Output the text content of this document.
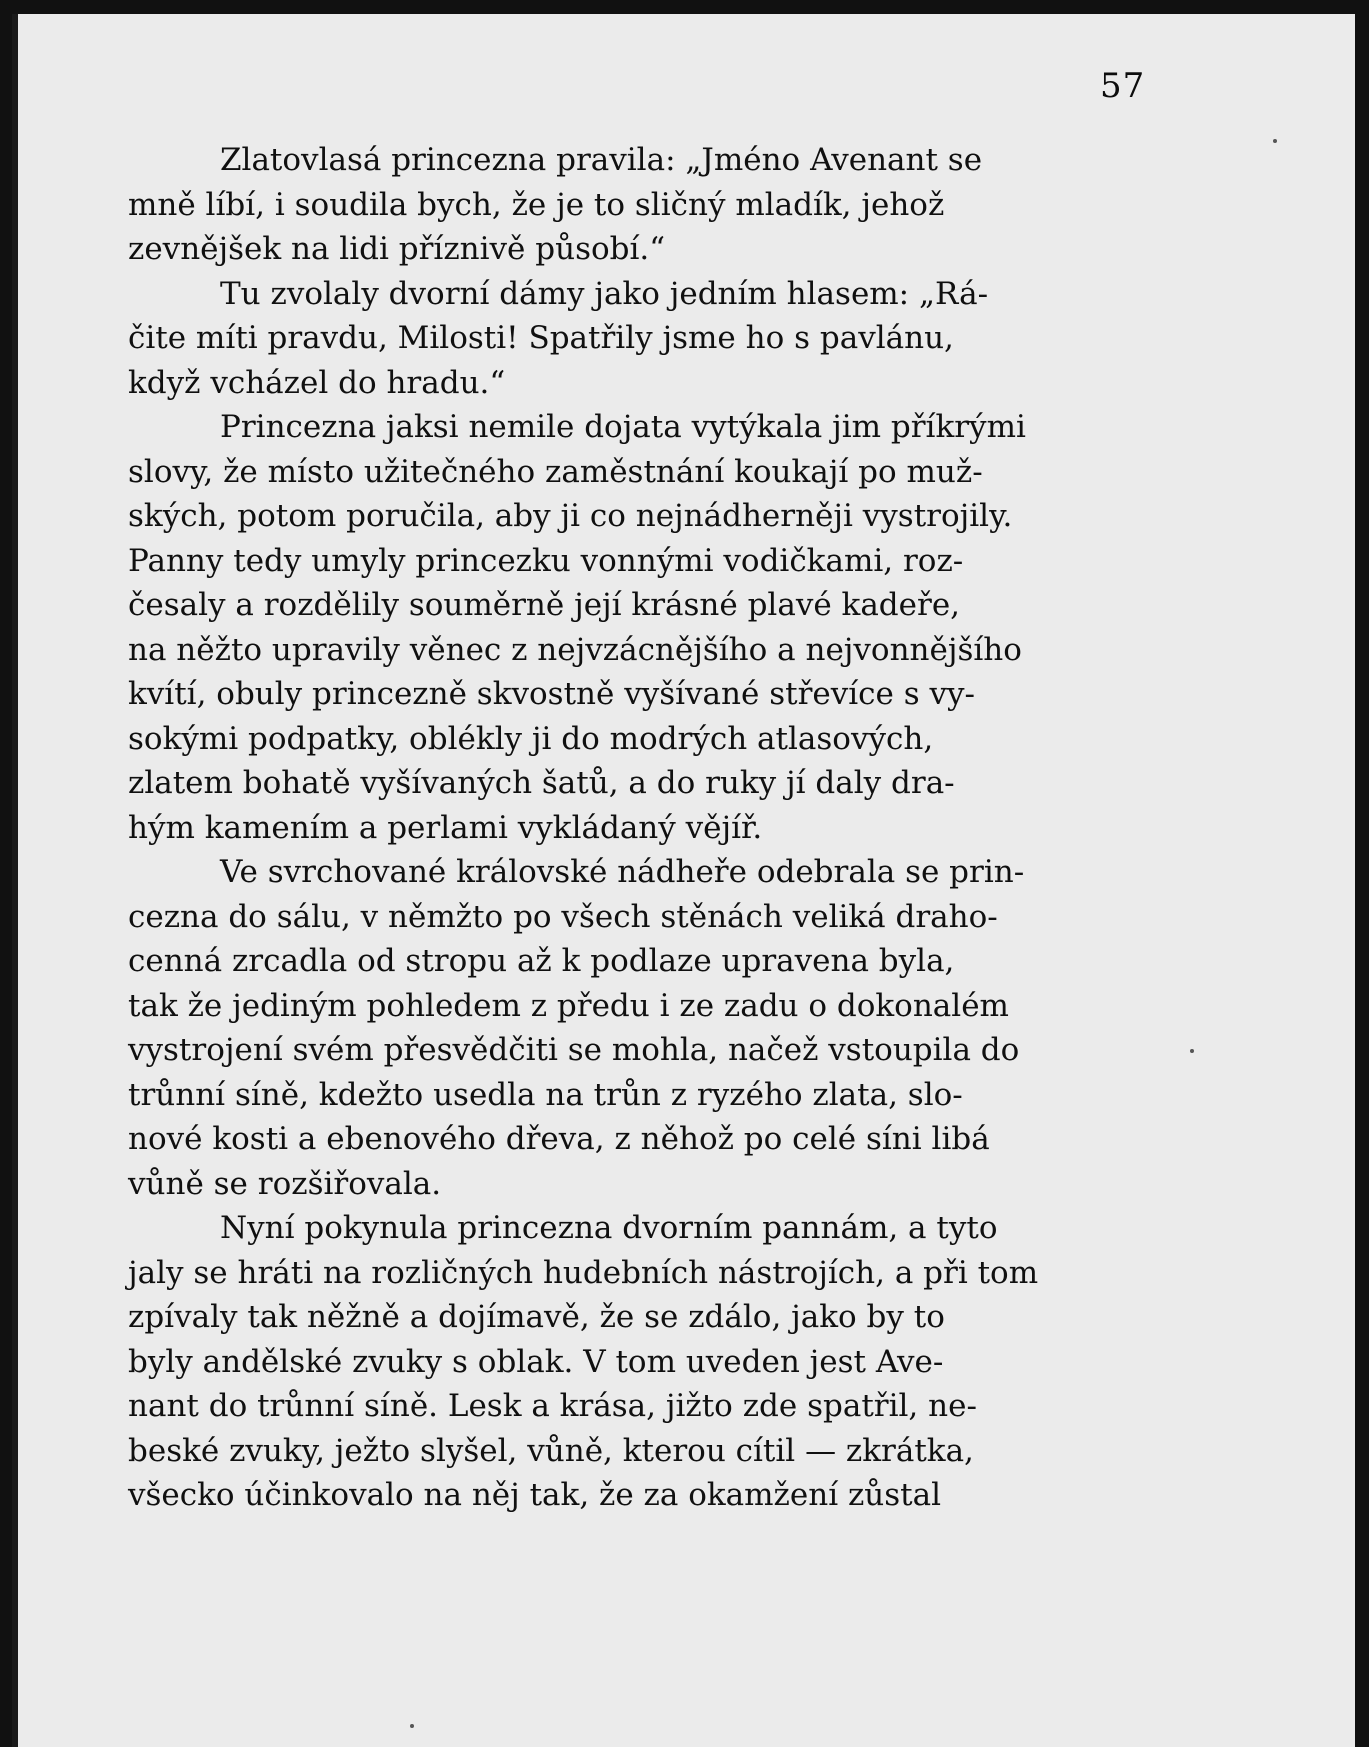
57

Zlatovlasá princezna pravila: „Jméno Avenant se
mně líbí, i soudila bych, že je to sličný mladík, jehož
zevnějšek na lidi příznivě působí.“

Tu zvolaly dvorní dámy jako jedním hlasem: „Rá-
čite míti pravdu, Milosti! Spatřily jsme ho s pavlánu,
když vcházel do hradu.“

Princezna jaksi nemile dojata vytýkala jim příkrými
slovy, že místo užitečného zaměstnání koukají po muž-
ských, potom poručila, aby ji co nejnádherněji vystrojily.
Panny tedy umyly princezku vonnými vodičkami, roz-
česaly a rozdělily souměrně její krásné plavé kadeře,
na něžto upravily věnec z nejvzácnějšího a nejvonnějšího
kvítí, obuly princezně skvostně vyšívané střevíce s vy-
sokými podpatky, oblékly ji do modrých atlasových,
zlatem bohatě vyšívaných šatů, a do ruky jí daly dra-
hým kamením a perlami vykládaný vějíř.

Ve svrchované královské nádheře odebrala se prin-
cezna do sálu, v němžto po všech stěnách veliká draho-
cenná zrcadla od stropu až k podlaze upravena byla,
tak že jediným pohledem z předu i ze zadu o dokonalém
vystrojení svém přesvědčiti se mohla, načež vstoupila do
trůnní síně, kdežto usedla na trůn z ryzého zlata, slo-
nové kosti a ebenového dřeva, z něhož po celé síni libá
vůně se rozšiřovala.

Nyní pokynula princezna dvorním pannám, a tyto
jaly se hráti na rozličných hudebních nástrojích, a při tom
zpívaly tak něžně a dojímavě, že se zdálo, jako by to
byly andělské zvuky s oblak. V tom uveden jest Ave-
nant do trůnní síně. Lesk a krása, jižto zde spatřil, ne-
beské zvuky, ježto slyšel, vůně, kterou cítil — zkrátka,
všecko účinkovalo na něj tak, že za okamžení zůstal
